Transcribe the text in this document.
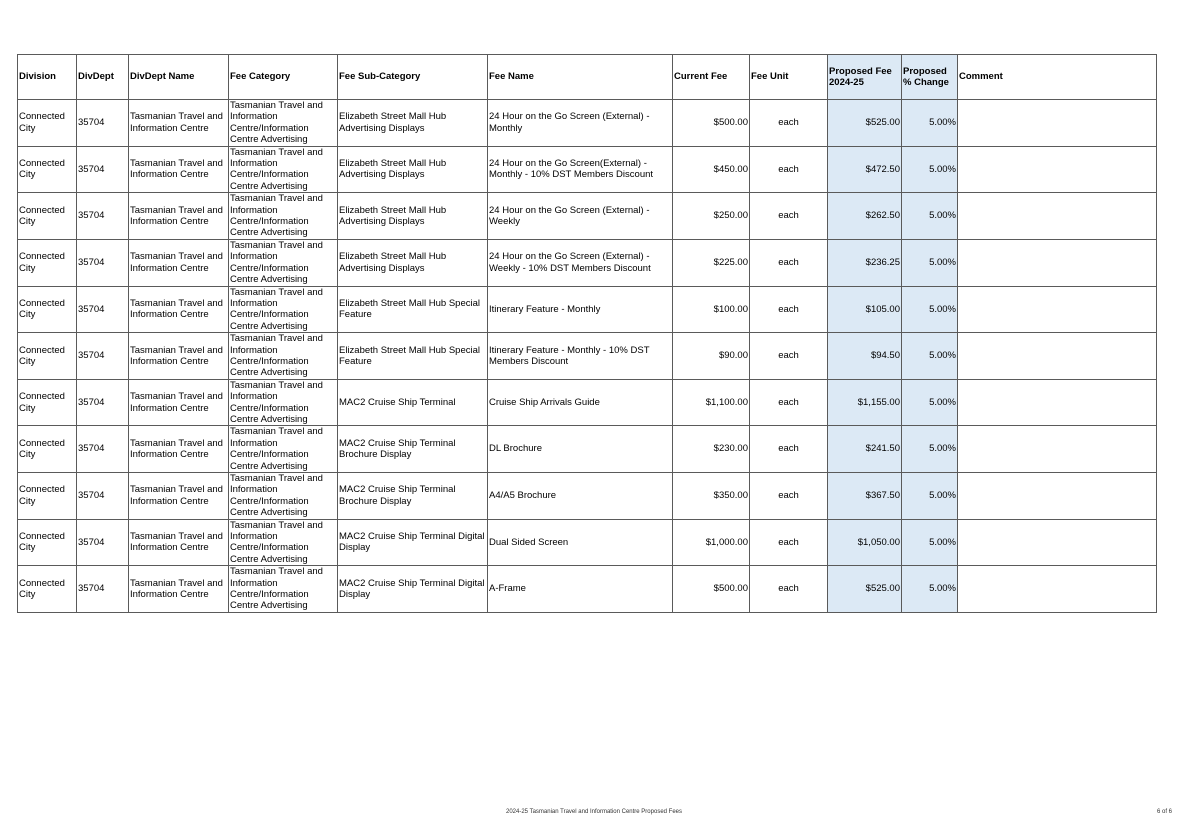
Division	DivDept	DivDept Name	Fee Category	Fee Sub-Category	Fee Name	Current Fee	Fee Unit	Proposed Fee 2024-25	Proposed % Change	Comment
Connected City	35704	Tasmanian Travel and Information Centre	Tasmanian Travel and Information Centre/Information Centre Advertising	Elizabeth Street Mall Hub Advertising Displays	24 Hour on the Go Screen (External) - Monthly	$500.00	each	$525.00	5.00%	
Connected City	35704	Tasmanian Travel and Information Centre	Tasmanian Travel and Information Centre/Information Centre Advertising	Elizabeth Street Mall Hub Advertising Displays	24 Hour on the Go Screen(External) - Monthly - 10% DST Members Discount	$450.00	each	$472.50	5.00%	
Connected City	35704	Tasmanian Travel and Information Centre	Tasmanian Travel and Information Centre/Information Centre Advertising	Elizabeth Street Mall Hub Advertising Displays	24 Hour on the Go Screen (External) - Weekly	$250.00	each	$262.50	5.00%	
Connected City	35704	Tasmanian Travel and Information Centre	Tasmanian Travel and Information Centre/Information Centre Advertising	Elizabeth Street Mall Hub Advertising Displays	24 Hour on the Go Screen (External) - Weekly - 10% DST Members Discount	$225.00	each	$236.25	5.00%	
Connected City	35704	Tasmanian Travel and Information Centre	Tasmanian Travel and Information Centre/Information Centre Advertising	Elizabeth Street Mall Hub Special Feature	Itinerary Feature - Monthly	$100.00	each	$105.00	5.00%	
Connected City	35704	Tasmanian Travel and Information Centre	Tasmanian Travel and Information Centre/Information Centre Advertising	Elizabeth Street Mall Hub Special Feature	Itinerary Feature - Monthly - 10% DST Members Discount	$90.00	each	$94.50	5.00%	
Connected City	35704	Tasmanian Travel and Information Centre	Tasmanian Travel and Information Centre/Information Centre Advertising	MAC2 Cruise Ship Terminal	Cruise Ship Arrivals Guide	$1,100.00	each	$1,155.00	5.00%	
Connected City	35704	Tasmanian Travel and Information Centre	Tasmanian Travel and Information Centre/Information Centre Advertising	MAC2 Cruise Ship Terminal Brochure Display	DL Brochure	$230.00	each	$241.50	5.00%	
Connected City	35704	Tasmanian Travel and Information Centre	Tasmanian Travel and Information Centre/Information Centre Advertising	MAC2 Cruise Ship Terminal Brochure Display	A4/A5 Brochure	$350.00	each	$367.50	5.00%	
Connected City	35704	Tasmanian Travel and Information Centre	Tasmanian Travel and Information Centre/Information Centre Advertising	MAC2 Cruise Ship Terminal Digital Display	Dual Sided Screen	$1,000.00	each	$1,050.00	5.00%	
Connected City	35704	Tasmanian Travel and Information Centre	Tasmanian Travel and Information Centre/Information Centre Advertising	MAC2 Cruise Ship Terminal Digital Display	A-Frame	$500.00	each	$525.00	5.00%	
2024-25 Tasmanian Travel and Information Centre Proposed Fees	6 of 6
